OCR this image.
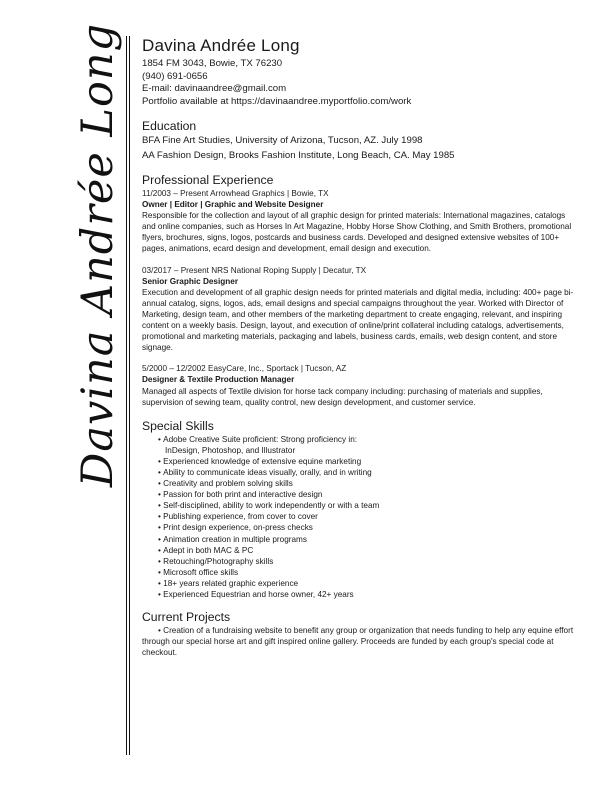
Davina Andrée Long Davina Andrée Long
1854 FM 3043, Bowie, TX 76230
(940) 691-0656
E-mail: davinaandree@gmail.com
Portfolio available at https://davinaandree.myportfolio.com/work
Education
BFA Fine Art Studies, University of Arizona, Tucson, AZ. July 1998
AA Fashion Design, Brooks Fashion Institute, Long Beach, CA. May 1985
Professional Experience
11/2003 – Present Arrowhead Graphics | Bowie, TX
Owner | Editor | Graphic and Website Designer

Responsible for the collection and layout of all graphic design for printed materials: International magazines, catalogs and online companies, such as Horses In Art Magazine, Hobby Horse Show Clothing, and Smith Brothers, promotional flyers, brochures, signs, logos, postcards and business cards. Developed and designed extensive websites of 100+ pages, animations, ecard design and development, email design and execution.

03/2017 – Present NRS National Roping Supply | Decatur, TX
Senior Graphic Designer

Execution and development of all graphic design needs for printed materials and digital media, including: 400+ page bi-annual catalog, signs, logos, ads, email designs and special campaigns throughout the year. Worked with Director of Marketing, design team, and other members of the marketing department to create engaging, relevant, and inspiring content on a weekly basis. Design, layout, and execution of online/print collateral including catalogs, advertisements, promotional and marketing materials, packaging and labels, business cards, emails, web design content, and store signage.

5/2000 – 12/2002 EasyCare, Inc., Sportack | Tucson, AZ
Designer & Textile Production Manager

Managed all aspects of Textile division for horse tack company including: purchasing of materials and supplies, supervision of sewing team, quality control, new design development, and customer service.

Special Skills
• Adobe Creative Suite proficient: Strong proficiency in:
InDesign, Photoshop, and Illustrator
• Experienced knowledge of extensive equine marketing
• Ability to communicate ideas visually, orally, and in writing
• Creativity and problem solving skills
• Passion for both print and interactive design
• Self-disciplined, ability to work independently or with a team
• Publishing experience, from cover to cover
• Print design experience, on-press checks
• Animation creation in multiple programs
• Adept in both MAC & PC
• Retouching/Photography skills
• Microsoft office skills
• 18+ years related graphic experience
• Experienced Equestrian and horse owner, 42+ years
Current Projects

• Creation of a fundraising website to benefit any group or organization that needs funding to help any equine effort through our special horse art and gift inspired online gallery. Proceeds are funded by each group's special code at checkout.
